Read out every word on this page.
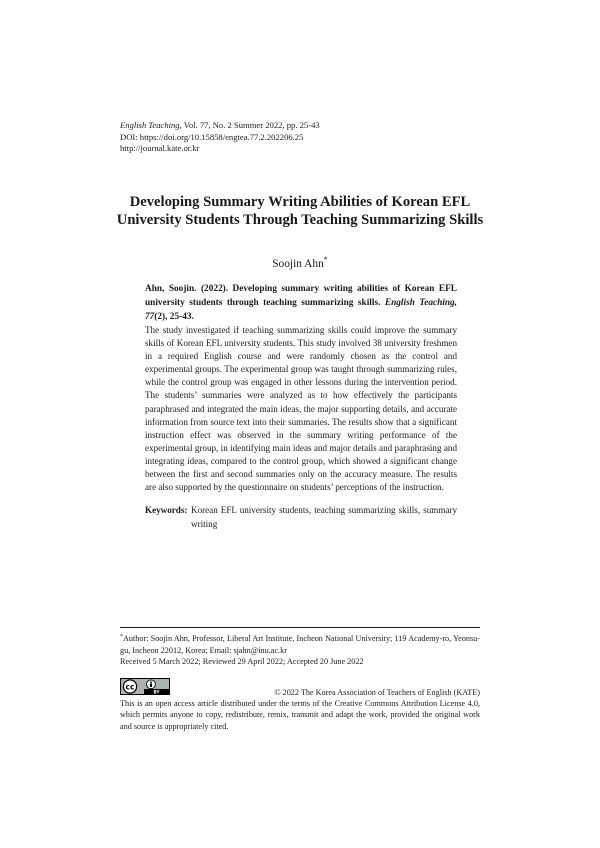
English Teaching, Vol. 77, No. 2 Summer 2022, pp. 25-43
DOI: https://doi.org/10.15858/engtea.77.2.202206.25
http://journal.kate.or.kr
Developing Summary Writing Abilities of Korean EFL
University Students Through Teaching Summarizing Skills
Soojin Ahn*
Ahn, Soojin. (2022). Developing summary writing abilities of Korean EFL university students through teaching summarizing skills. English Teaching, 77(2), 25-43.
The study investigated if teaching summarizing skills could improve the summary skills of Korean EFL university students. This study involved 38 university freshmen in a required English course and were randomly chosen as the control and experimental groups. The experimental group was taught through summarizing rules, while the control group was engaged in other lessons during the intervention period. The students’ summaries were analyzed as to how effectively the participants paraphrased and integrated the main ideas, the major supporting details, and accurate information from source text into their summaries. The results show that a significant instruction effect was observed in the summary writing performance of the experimental group, in identifying main ideas and major details and paraphrasing and integrating ideas, compared to the control group, which showed a significant change between the first and second summaries only on the accuracy measure. The results are also supported by the questionnaire on students’ perceptions of the instruction.
Keywords: Korean EFL university students, teaching summarizing skills, summary writing
*Author: Soojin Ahn, Professor, Liberal Art Institute, Incheon National University; 119 Academy-ro, Yeonsu-gu, Incheon 22012, Korea; Email: sjahn@inu.ac.kr
Received 5 March 2022; Reviewed 29 April 2022; Accepted 20 June 2022
cc
BY	© 2022 The Korea Association of Teachers of English (KATE)
This is an open access article distributed under the terms of the Creative Commons Attribution License 4.0, which permits anyone to copy, redistribute, remix, transmit and adapt the work, provided the original work and source is appropriately cited.
